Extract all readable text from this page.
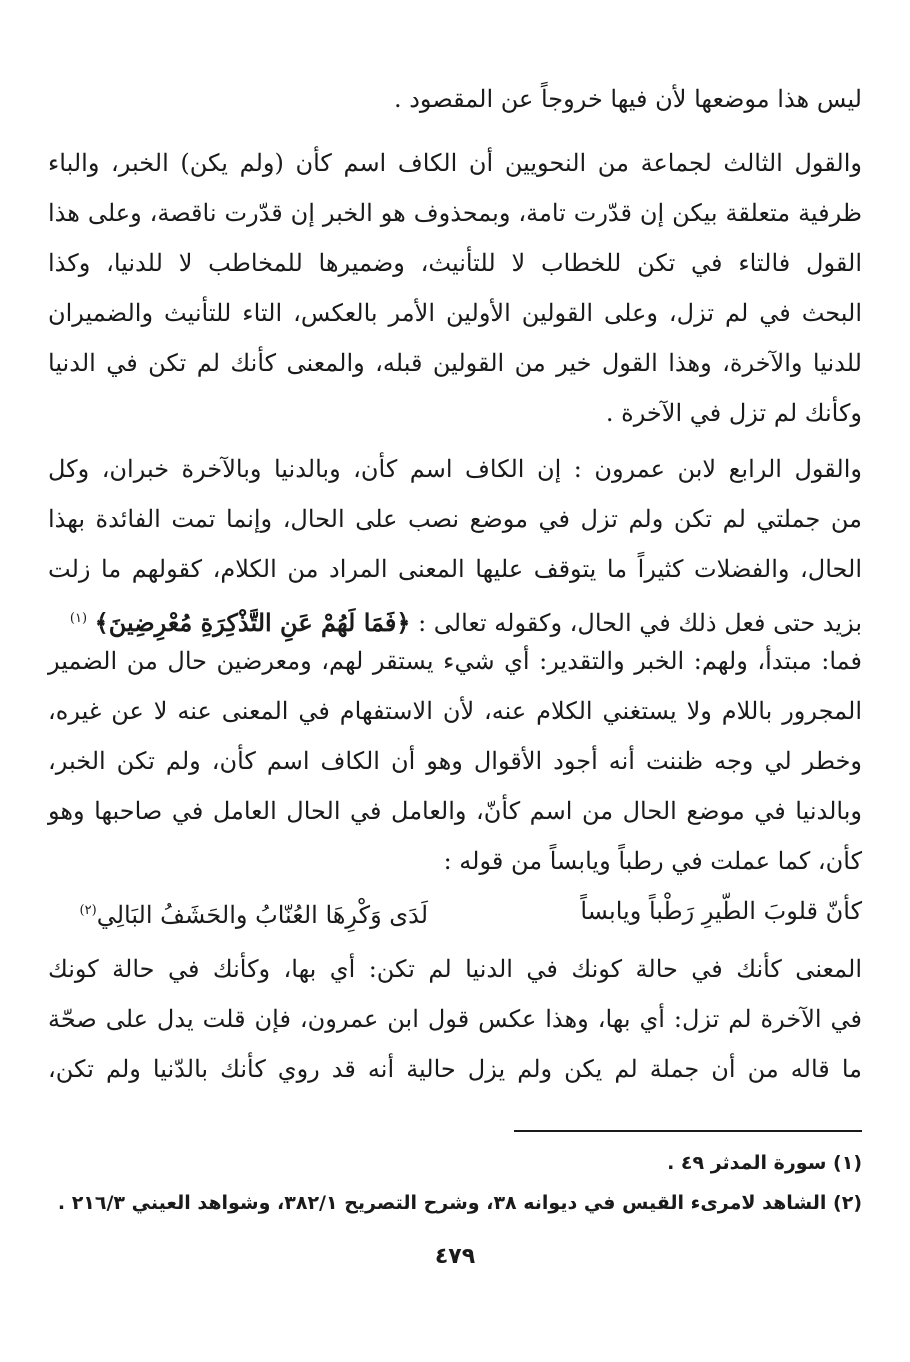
ليس هذا موضعها لأن فيها خروجاً عن المقصود .
والقول الثالث لجماعة من النحويين أن الكاف اسم كأن (ولم يكن) الخبر، والباء
ظرفية متعلقة بيكن إن قدّرت تامة، وبمحذوف هو الخبر إن قدّرت ناقصة، وعلى هذا
القول فالتاء في تكن للخطاب لا للتأنيث، وضميرها للمخاطب لا للدنيا، وكذا
البحث في لم تزل، وعلى القولين الأولين الأمر بالعكس، التاء للتأنيث والضميران
للدنيا والآخرة، وهذا القول خير من القولين قبله، والمعنى كأنك لم تكن في الدنيا
وكأنك لم تزل في الآخرة .
والقول الرابع لابن عمرون : إن الكاف اسم كأن، وبالدنيا وبالآخرة خبران، وكل
من جملتي لم تكن ولم تزل في موضع نصب على الحال، وإنما تمت الفائدة بهذا
الحال، والفضلات كثيراً ما يتوقف عليها المعنى المراد من الكلام، كقولهم ما زلت
بزيد حتى فعل ذلك في الحال، وكقوله تعالى : ﴿فَمَا لَهُمْ عَنِ التَّذْكِرَةِ مُعْرِضِينَ﴾ $^{(١)}$
فما: مبتدأ، ولهم: الخبر والتقدير: أي شيء يستقر لهم، ومعرضين حال من الضمير
المجرور باللام ولا يستغني الكلام عنه، لأن الاستفهام في المعنى عنه لا عن غيره،
وخطر لي وجه ظننت أنه أجود الأقوال وهو أن الكاف اسم كأن، ولم تكن الخبر،
وبالدنيا في موضع الحال من اسم كأنّ، والعامل في الحال العامل في صاحبها وهو
كأن، كما عملت في رطباً ويابساً من قوله :
كأنّ قلوبَ الطّيرِ رَطْباً ويابساً
لَدَى وَكْرِهَا العُنّابُ والحَشَفُ البَالِي$^{(٢)}$
المعنى كأنك في حالة كونك في الدنيا لم تكن: أي بها، وكأنك في حالة كونك
في الآخرة لم تزل: أي بها، وهذا عكس قول ابن عمرون، فإن قلت يدل على صحّة
ما قاله من أن جملة لم يكن ولم يزل حالية أنه قد روي كأنك بالدّنيا ولم تكن،
(١) سورة المدثر ٤٩ .
(٢) الشاهد لامرىء القيس في ديوانه ٣٨، وشرح التصريح ٣٨٢/١، وشواهد العيني ٢١٦/٣ .
٤٧٩
